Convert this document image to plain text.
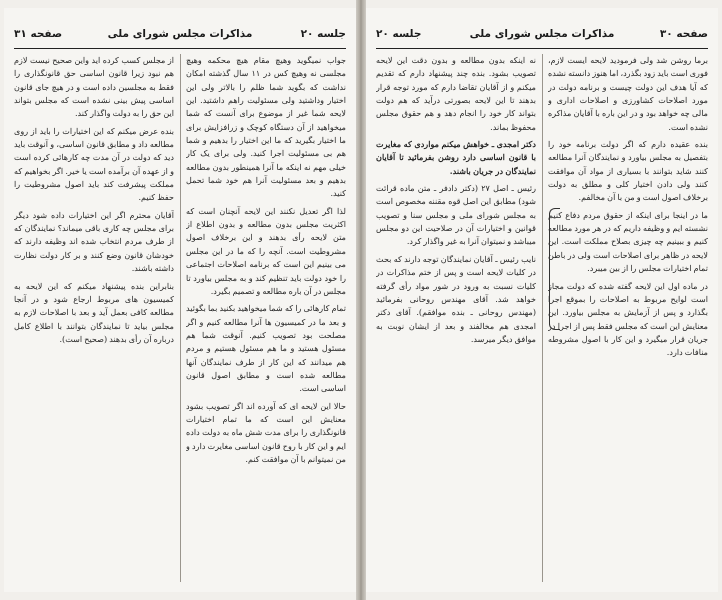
صفحه ۳۱	مذاکرات مجلس شورای ملی	جلسه ۲۰

جواب نمیگوید وهیچ مقام هیچ محکمه وهیچ مجلسی نه وهیچ کس در ۱۱ سال گذشته امکان نداشت که بگوید شما ظلم را بالاتر ولی این اختیار وداشتید ولی مسئولیت راهم داشتید. این لایحه شما غیر از موضوع برای آنست که شما میخواهید از آن دستگاه کوچک و زرافزایش برای ما اختیار بگیرید که ما این اختیار را بدهیم و شما هم بی مسئولیت اجرا کنید. ولی برای یک کار خیلی مهم نه اینکه ما آنرا همینطور بدون مطالعه بدهیم و بعد مسئولیت آنرا هم خود شما تحمل کنید.

لذا اگر تعدیل نکنند این لایحه آنچنان است که اکثریت مجلس بدون مطالعه و بدون اطلاع از متن لایحه رأی بدهند و این برخلاف اصول مشروطیت است. آنچه را که ما در این مجلس می بینیم این است که برنامه اصلاحات اجتماعی را خود دولت باید تنظیم کند و به مجلس بیاورد تا مجلس در آن باره مطالعه و تصمیم بگیرد.

تمام کارهائی را که شما میخواهید بکنید بما بگوئید و بعد ما در کمیسیون ها آنرا مطالعه کنیم و اگر مصلحت بود تصویب کنیم. آنوقت شما هم مسئول هستید و ما هم مسئول هستیم و مردم هم میدانند که این کار از طرف نمایندگان آنها مطالعه شده است و مطابق اصول قانون اساسی است.

حالا این لایحه ای که آورده اند اگر تصویب بشود معنایش این است که ما تمام اختیارات قانونگذاری را برای مدت شش ماه به دولت داده ایم و این کار با روح قانون اساسی مغایرت دارد و من نمیتوانم با آن موافقت کنم.

از مجلس کسب کرده اید واین صحیح نیست لازم هم نبود زیرا قانون اساسی حق قانونگذاری را فقط به مجلسین داده است و در هیچ جای قانون اساسی پیش بینی نشده است که مجلس بتواند این حق را به دولت واگذار کند.

بنده عرض میکنم که این اختیارات را باید از روی مطالعه داد و مطابق قانون اساسی، و آنوقت باید دید که دولت در آن مدت چه کارهائی کرده است و از عهده آن برآمده است یا خیر. اگر بخواهیم که مملکت پیشرفت کند باید اصول مشروطیت را حفظ کنیم.

آقایان محترم اگر این اختیارات داده شود دیگر برای مجلس چه کاری باقی میماند؟ نمایندگان که از طرف مردم انتخاب شده اند وظیفه دارند که خودشان قانون وضع کنند و بر کار دولت نظارت داشته باشند.

بنابراین بنده پیشنهاد میکنم که این لایحه به کمیسیون های مربوط ارجاع شود و در آنجا مطالعه کافی بعمل آید و بعد با اصلاحات لازم به مجلس بیاید تا نمایندگان بتوانند با اطلاع کامل درباره آن رأی بدهند (صحیح است).

صفحه ۳۰
مذاکرات مجلس شورای ملی
جلسه ۲۰

برما روشن شد ولی فرمودید لایحه ایست لازم، فوری است باید زود بگذرد، اما هنوز دانسته نشده که آیا هدف این دولت چیست و برنامه دولت در مورد اصلاحات کشاورزی و اصلاحات اداری و مالی چه خواهد بود و در این باره با آقایان مذاکره نشده است.

بنده عقیده دارم که اگر دولت برنامه خود را بتفصیل به مجلس بیاورد و نمایندگان آنرا مطالعه کنند شاید بتوانند با بسیاری از مواد آن موافقت کنند ولی دادن اختیار کلی و مطلق به دولت برخلاف اصول است و من با آن مخالفم.

ما در اینجا برای اینکه از حقوق مردم دفاع کنیم نشسته ایم و وظیفه داریم که در هر مورد مطالعه کنیم و ببینیم چه چیزی بصلاح مملکت است. این لایحه در ظاهر برای اصلاحات است ولی در باطن تمام اختیارات مجلس را از بین میبرد.

در ماده اول این لایحه گفته شده که دولت مجاز است لوایح مربوط به اصلاحات را بموقع اجرا بگذارد و پس از آزمایش به مجلس بیاورد. این معنایش این است که مجلس فقط پس از اجرا در جریان قرار میگیرد و این کار با اصول مشروطه منافات دارد.

نه اینکه بدون مطالعه و بدون دقت این لایحه تصویب بشود. بنده چند پیشنهاد دارم که تقدیم میکنم و از آقایان تقاضا دارم که مورد توجه قرار بدهند تا این لایحه بصورتی درآید که هم دولت بتواند کار خود را انجام دهد و هم حقوق مجلس محفوظ بماند.

دکتر امجدی ـ خواهش میکنم مواردی که مغایرت با قانون اساسی دارد روشن بفرمائید تا آقایان نمایندگان در جریان باشند.

رئیس ـ اصل ۲۷ (دکتر دادفر ـ متن ماده قرائت شود) مطابق این اصل قوه مقننه مخصوص است به مجلس شورای ملی و مجلس سنا و تصویب قوانین و اختیارات آن در صلاحیت این دو مجلس میباشد و نمیتوان آنرا به غیر واگذار کرد.

نایب رئیس ـ آقایان نمایندگان توجه دارند که بحث در کلیات لایحه است و پس از ختم مذاکرات در کلیات نسبت به ورود در شور مواد رأی گرفته خواهد شد. آقای مهندس روحانی بفرمائید (مهندس روحانی ـ بنده موافقم). آقای دکتر امجدی هم مخالفند و بعد از ایشان نوبت به موافق دیگر میرسد.
